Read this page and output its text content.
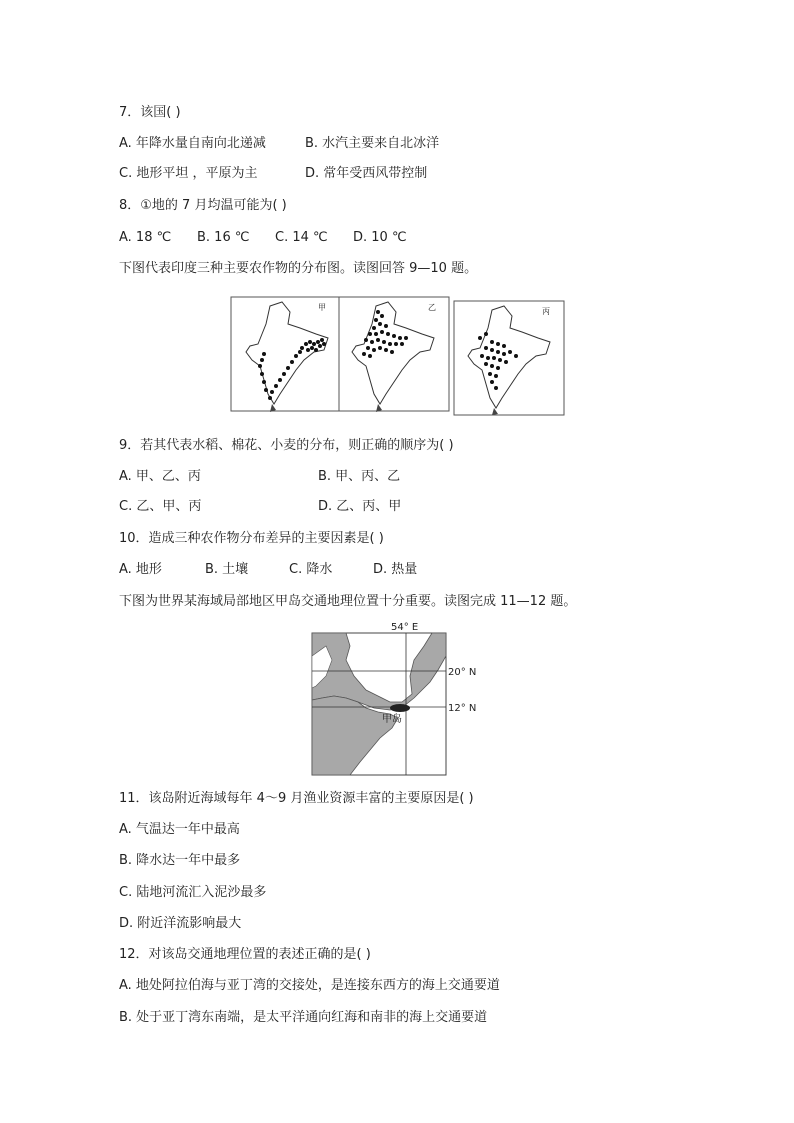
7．该国( )
A. 年降水量自南向北递减	B. 水汽主要来自北冰洋
C. 地形平坦 ，平原为主	D. 常年受西风带控制
8．①地的 7 月均温可能为( )
A. 18 ℃ B. 16 ℃ C. 14 ℃ D. 10 ℃
下图代表印度三种主要农作物的分布图。读图回答 9—10 题。
甲	乙	丙
9．若其代表水稻、棉花、小麦的分布，则正确的顺序为( )
A. 甲、乙、丙	B. 甲、丙、乙
C. 乙、甲、丙	D. 乙、丙、甲
10．造成三种农作物分布差异的主要因素是( )
A. 地形	B. 土壤	C. 降水	D. 热量
下图为世界某海域局部地区甲岛交通地理位置十分重要。读图完成 11—12 题。
54° E
20° N
12° N
甲岛
11．该岛附近海域每年 4～9 月渔业资源丰富的主要原因是( )
A. 气温达一年中最高
B. 降水达一年中最多
C. 陆地河流汇入泥沙最多
D. 附近洋流影响最大
12．对该岛交通地理位置的表述正确的是( )
A. 地处阿拉伯海与亚丁湾的交接处，是连接东西方的海上交通要道
B. 处于亚丁湾东南端，是太平洋通向红海和南非的海上交通要道
